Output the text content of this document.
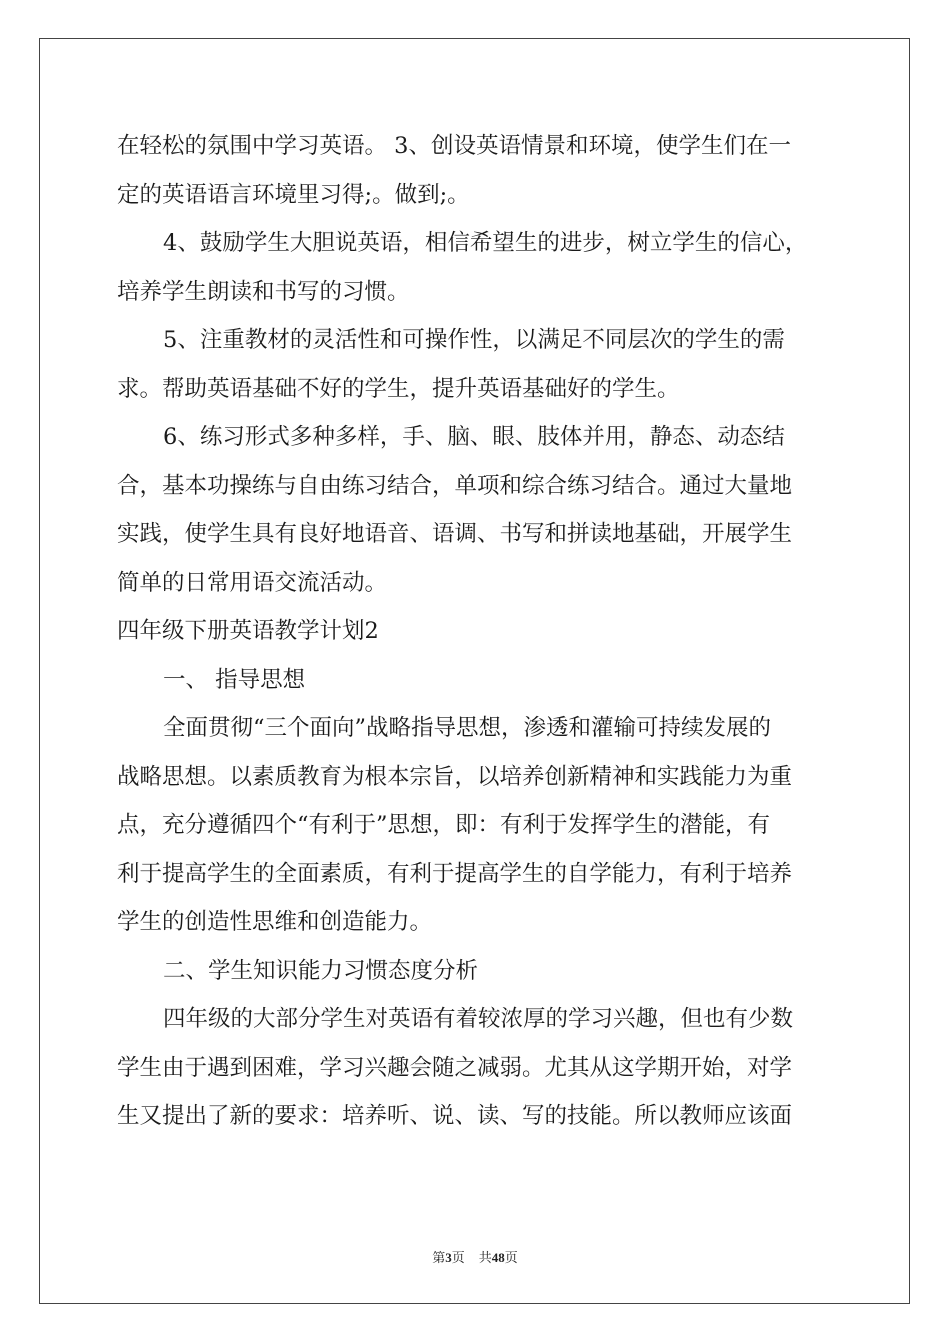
在轻松的氛围中学习英语。 3、创设英语情景和环境，使学生们在一
定的英语语言环境里习得;。做到;。
4、鼓励学生大胆说英语，相信希望生的进步，树立学生的信心，
培养学生朗读和书写的习惯。
5、注重教材的灵活性和可操作性，以满足不同层次的学生的需
求。帮助英语基础不好的学生，提升英语基础好的学生。
6、练习形式多种多样，手、脑、眼、肢体并用，静态、动态结
合，基本功操练与自由练习结合，单项和综合练习结合。通过大量地
实践，使学生具有良好地语音、语调、书写和拼读地基础，开展学生
简单的日常用语交流活动。
四年级下册英语教学计划2
一、 指导思想
全面贯彻“三个面向”战略指导思想，渗透和灌输可持续发展的
战略思想。以素质教育为根本宗旨，以培养创新精神和实践能力为重
点，充分遵循四个“有利于”思想，即：有利于发挥学生的潜能，有
利于提高学生的全面素质，有利于提高学生的自学能力，有利于培养
学生的创造性思维和创造能力。
二、学生知识能力习惯态度分析
四年级的大部分学生对英语有着较浓厚的学习兴趣，但也有少数
学生由于遇到困难，学习兴趣会随之减弱。尤其从这学期开始，对学
生又提出了新的要求：培养听、说、读、写的技能。所以教师应该面
第3页 共48页
